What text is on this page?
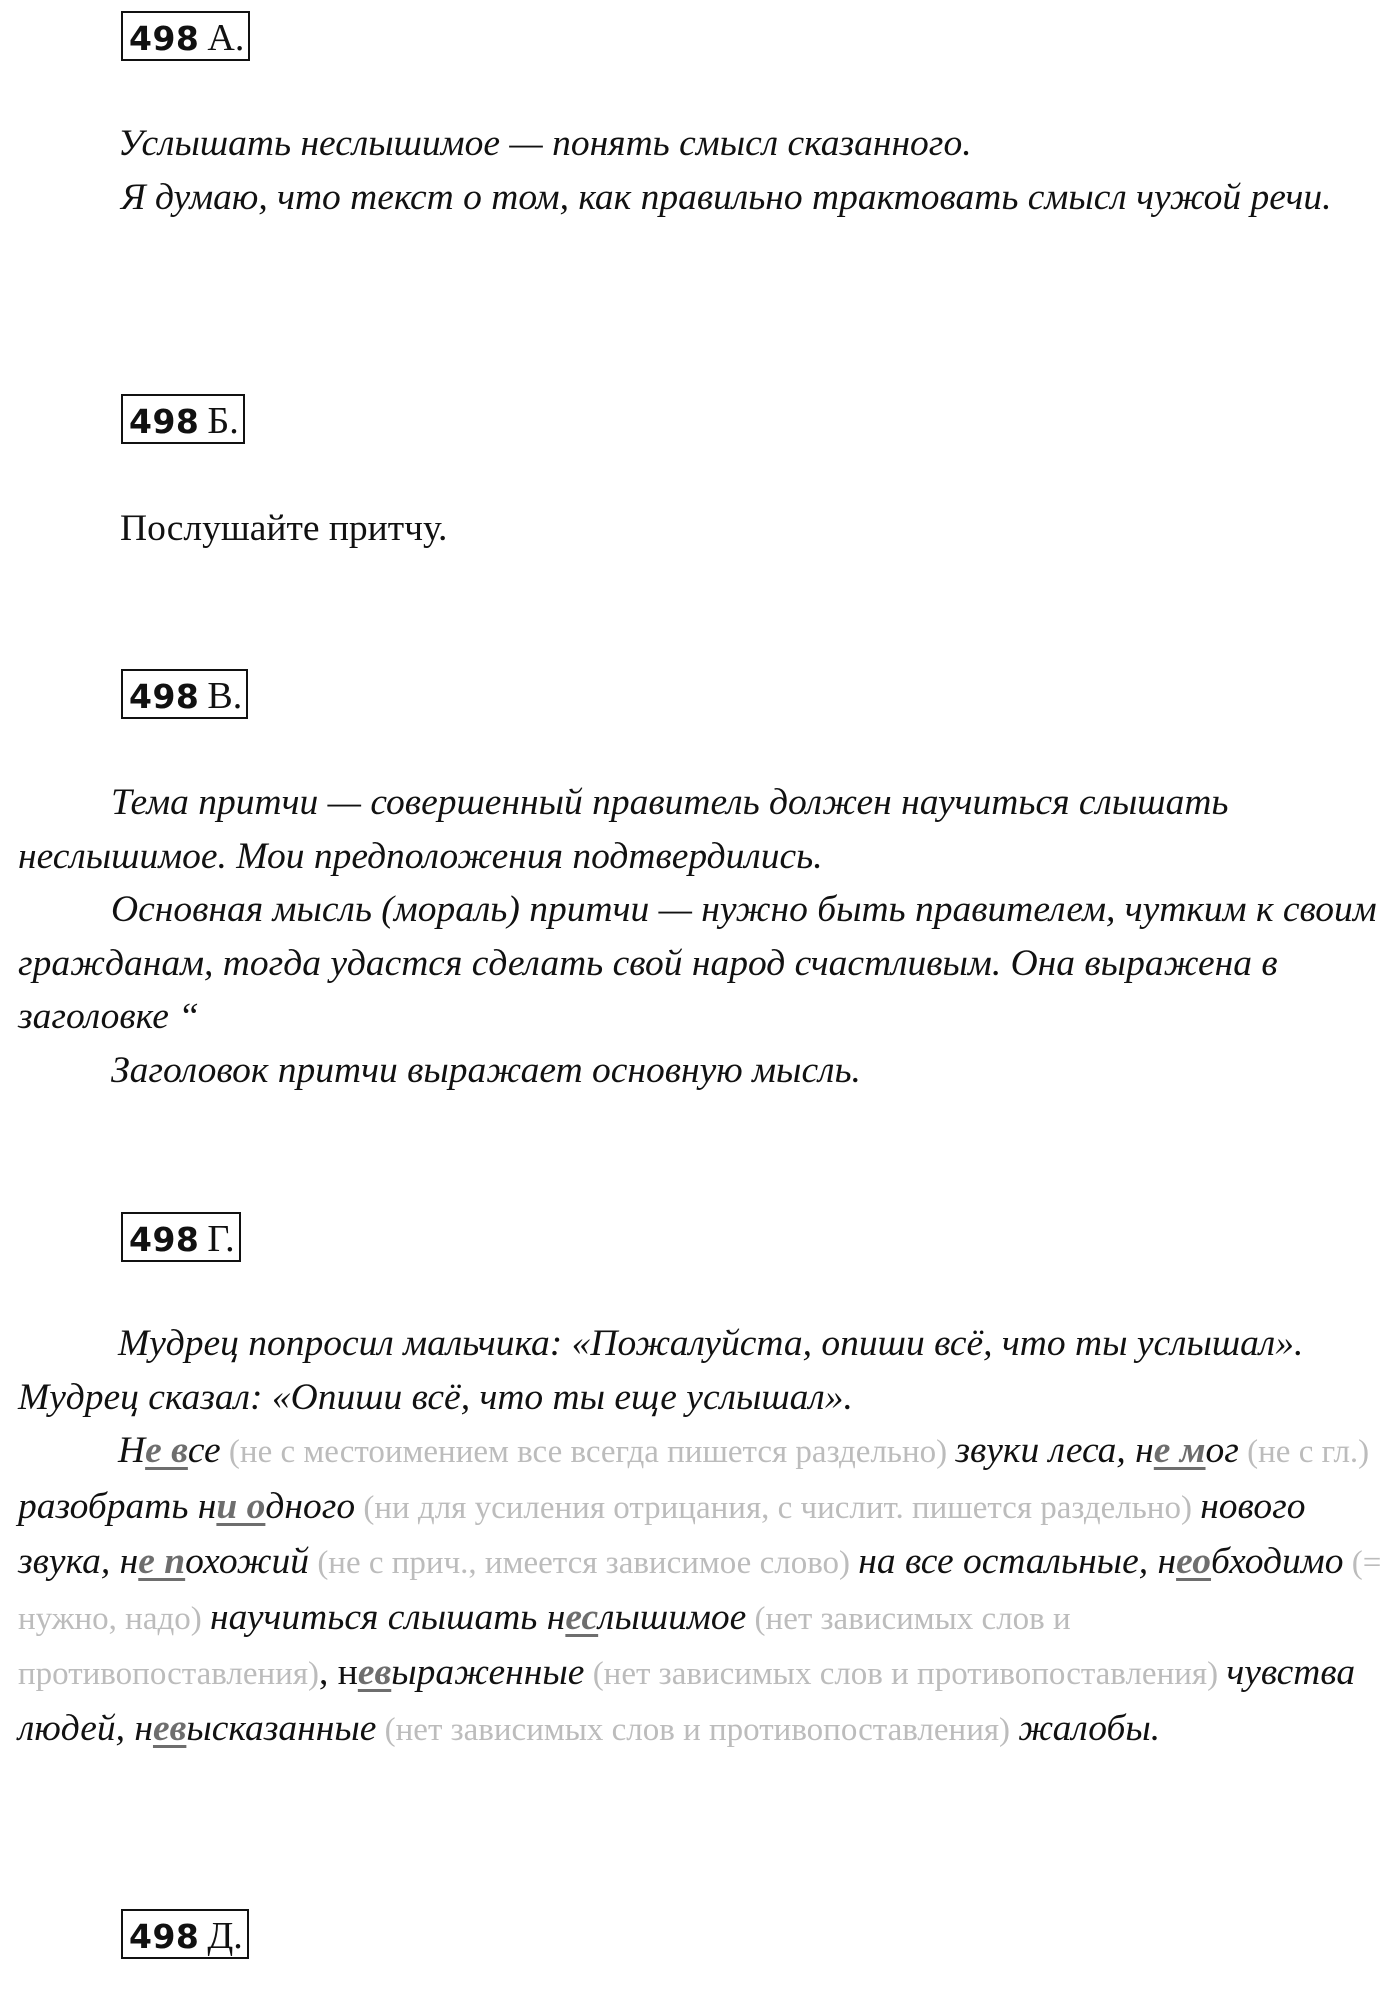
498 А.

Услышать неслышимое — понять смысл сказанного.

Я думаю, что текст о том, как правильно трактовать смысл чужой речи.

498 Б.

Послушайте притчу.

498 В.

Тема притчи — совершенный правитель должен научиться слышать неслышимое. Мои предположения подтвердились.

Основная мысль (мораль) притчи — нужно быть правителем, чутким к своим гражданам, тогда удастся сделать свой народ счастливым. Она выражена в заголовке “

Заголовок притчи выражает основную мысль.

498 Г.

Мудрец попросил мальчика: «Пожалуйста, опиши всё, что ты услышал». Мудрец сказал: «Опиши всё, что ты еще услышал».

Не все (не с местоимением все всегда пишется раздельно) звуки леса, не мог (не с гл.) разобрать ни одного (ни для усиления отрицания, с числит. пишется раздельно) нового звука, не похожий (не с прич., имеется зависимое слово) на все остальные, необходимо (= нужно, надо) научиться слышать неслышимое (нет зависимых слов и противопоставления), невыраженные (нет зависимых слов и противопоставления) чувства людей, невысказанные (нет зависимых слов и противопоставления) жалобы.

498 Д.
